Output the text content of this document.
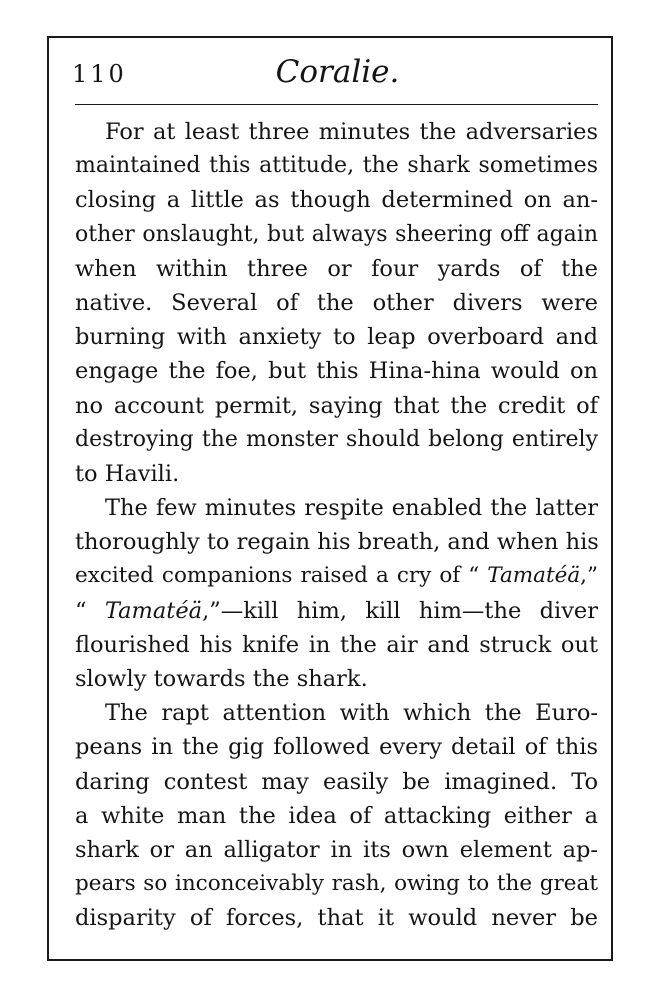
110	Coralie.
For at least three minutes the adversaries
maintained this attitude, the shark sometimes
closing a little as though determined on an-
other onslaught, but always sheering off again
when within three or four yards of the
native. Several of the other divers were
burning with anxiety to leap overboard and
engage the foe, but this Hina-hina would on
no account permit, saying that the credit of
destroying the monster should belong entirely
to Havili.
The few minutes respite enabled the latter
thoroughly to regain his breath, and when his
excited companions raised a cry of “ Tamatéä,”
“ Tamatéä,”—kill him, kill him—the diver
flourished his knife in the air and struck out
slowly towards the shark.
The rapt attention with which the Euro-
peans in the gig followed every detail of this
daring contest may easily be imagined. To
a white man the idea of attacking either a
shark or an alligator in its own element ap-
pears so inconceivably rash, owing to the great
disparity of forces, that it would never be
